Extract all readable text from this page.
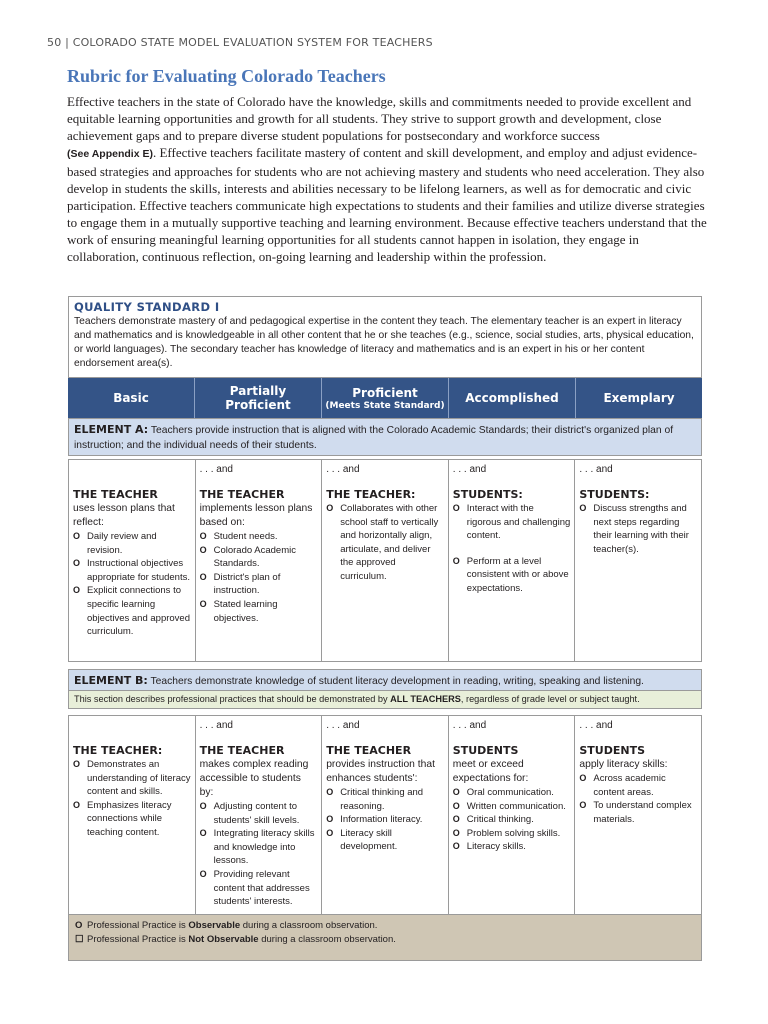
50 | COLORADO STATE MODEL EVALUATION SYSTEM FOR TEACHERS
Rubric for Evaluating Colorado Teachers
Effective teachers in the state of Colorado have the knowledge, skills and commitments needed to provide excellent and equitable learning opportunities and growth for all students. They strive to support growth and development, close achievement gaps and to prepare diverse student populations for postsecondary and workforce success
(See Appendix E). Effective teachers facilitate mastery of content and skill development, and employ and adjust evidence-based strategies and approaches for students who are not achieving mastery and students who need acceleration. They also develop in students the skills, interests and abilities necessary to be lifelong learners, as well as for democratic and civic participation. Effective teachers communicate high expectations to students and their families and utilize diverse strategies to engage them in a mutually supportive teaching and learning environment. Because effective teachers understand that the work of ensuring meaningful learning opportunities for all students cannot happen in isolation, they engage in collaboration, continuous reflection, on-going learning and leadership within the profession.
QUALITY STANDARD I
Teachers demonstrate mastery of and pedagogical expertise in the content they teach. The elementary teacher is an expert in literacy and mathematics and is knowledgeable in all other content that he or she teaches (e.g., science, social studies, arts, physical education, or world languages). The secondary teacher has knowledge of literacy and mathematics and is an expert in his or her content endorsement area(s).
Basic	Partially Proficient
Proficient
(Meets State Standard)
Accomplished	Exemplary
ELEMENT A: Teachers provide instruction that is aligned with the Colorado Academic Standards; their district's organized plan of instruction; and the individual needs of their students.
THE TEACHER
uses lesson plans that reflect:
O Daily review and revision.
O Instructional objectives appropriate for students.
O Explicit connections to specific learning objectives and approved curriculum.
. . . and
THE TEACHER
implements lesson plans based on:
O Student needs.
O Colorado Academic Standards.
O District's plan of instruction.
O Stated learning objectives.
. . . and
THE TEACHER:
O Collaborates with other school staff to vertically and horizontally align, articulate, and deliver the approved curriculum.
. . . and
STUDENTS:
O Interact with the rigorous and challenging content.
O Perform at a level consistent with or above expectations.
. . . and
STUDENTS:
O Discuss strengths and next steps regarding their learning with their teacher(s).
ELEMENT B: Teachers demonstrate knowledge of student literacy development in reading, writing, speaking and listening.
This section describes professional practices that should be demonstrated by ALL TEACHERS, regardless of grade level or subject taught.
THE TEACHER:
O Demonstrates an understanding of literacy content and skills.
O Emphasizes literacy connections while teaching content.
. . . and
THE TEACHER
makes complex reading accessible to students by:
O Adjusting content to students' skill levels.
O Integrating literacy skills and knowledge into lessons.
O Providing relevant content that addresses students' interests.
. . . and
THE TEACHER
provides instruction that enhances students':
O Critical thinking and reasoning.
O Information literacy.
O Literacy skill development.
. . . and
STUDENTS
meet or exceed expectations for:
O Oral communication.
O Written communication.
O Critical thinking.
O Problem solving skills.
O Literacy skills.
. . . and
STUDENTS
apply literacy skills:
O Across academic content areas.
O To understand complex materials.
O Professional Practice is Observable during a classroom observation.
☐ Professional Practice is Not Observable during a classroom observation.
